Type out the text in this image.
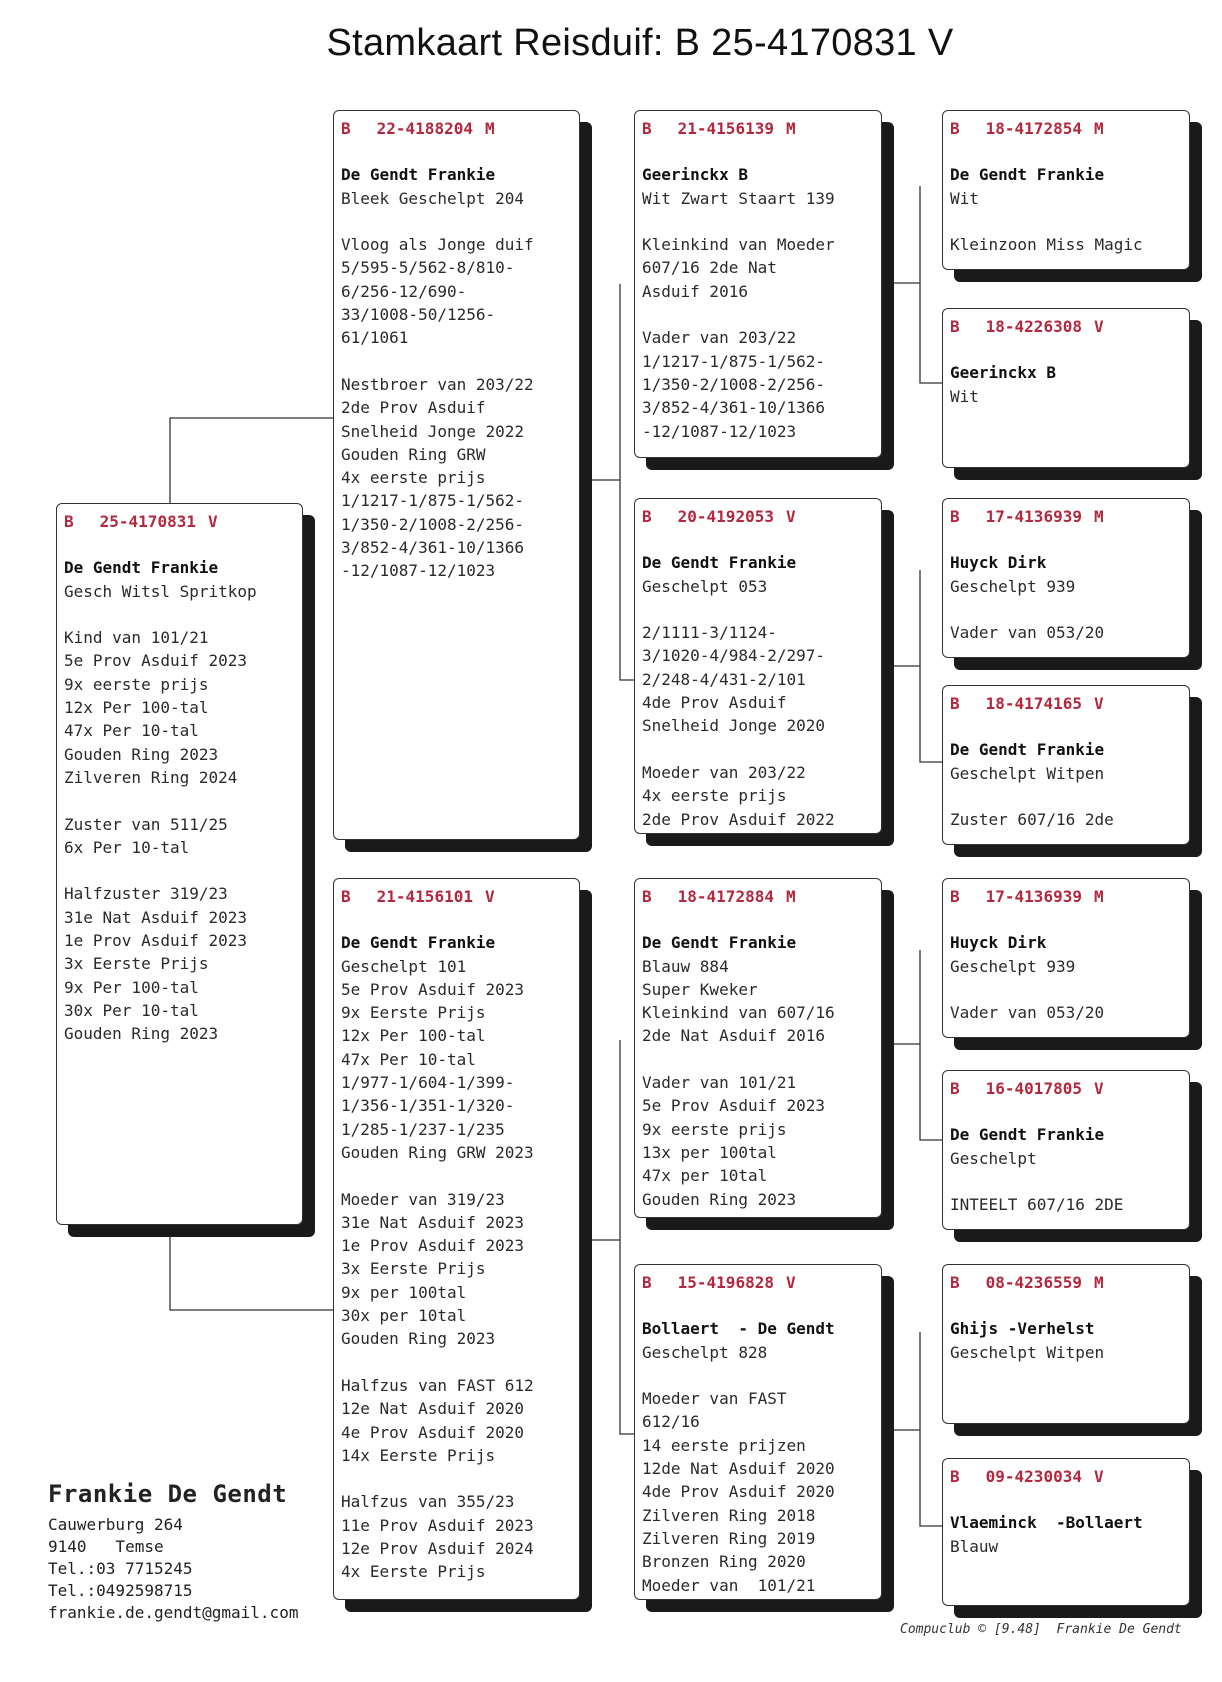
Stamkaart Reisduif: B 25-4170831 V
B 25-4170831 V
De Gendt Frankie
Gesch Witsl Spritkop
Kind van 101/21
5e Prov Asduif 2023
9x eerste prijs
12x Per 100-tal
47x Per 10-tal
Gouden Ring 2023
Zilveren Ring 2024
Zuster van 511/25
6x Per 10-tal
Halfzuster 319/23
31e Nat Asduif 2023
1e Prov Asduif 2023
3x Eerste Prijs
9x Per 100-tal
30x Per 10-tal
Gouden Ring 2023
B 22-4188204 M
De Gendt Frankie
Bleek Geschelpt 204
Vloog als Jonge duif
5/595-5/562-8/810-
6/256-12/690-
33/1008-50/1256-
61/1061
Nestbroer van 203/22
2de Prov Asduif
Snelheid Jonge 2022
Gouden Ring GRW
4x eerste prijs
1/1217-1/875-1/562-
1/350-2/1008-2/256-
3/852-4/361-10/1366
-12/1087-12/1023
B 21-4156101 V
De Gendt Frankie
Geschelpt 101
5e Prov Asduif 2023
9x Eerste Prijs
12x Per 100-tal
47x Per 10-tal
1/977-1/604-1/399-
1/356-1/351-1/320-
1/285-1/237-1/235
Gouden Ring GRW 2023
Moeder van 319/23
31e Nat Asduif 2023
1e Prov Asduif 2023
3x Eerste Prijs
9x per 100tal
30x per 10tal
Gouden Ring 2023
Halfzus van FAST 612
12e Nat Asduif 2020
4e Prov Asduif 2020
14x Eerste Prijs
Halfzus van 355/23
11e Prov Asduif 2023
12e Prov Asduif 2024
4x Eerste Prijs
B 21-4156139 M
Geerinckx B
Wit Zwart Staart 139
Kleinkind van Moeder
607/16 2de Nat
Asduif 2016
Vader van 203/22
1/1217-1/875-1/562-
1/350-2/1008-2/256-
3/852-4/361-10/1366
-12/1087-12/1023
B 20-4192053 V
De Gendt Frankie
Geschelpt 053
2/1111-3/1124-
3/1020-4/984-2/297-
2/248-4/431-2/101
4de Prov Asduif
Snelheid Jonge 2020
Moeder van 203/22
4x eerste prijs
2de Prov Asduif 2022
B 18-4172884 M
De Gendt Frankie
Blauw 884
Super Kweker
Kleinkind van 607/16
2de Nat Asduif 2016
Vader van 101/21
5e Prov Asduif 2023
9x eerste prijs
13x per 100tal
47x per 10tal
Gouden Ring 2023
B 15-4196828 V
Bollaert  - De Gendt
Geschelpt 828
Moeder van FAST
612/16
14 eerste prijzen
12de Nat Asduif 2020
4de Prov Asduif 2020
Zilveren Ring 2018
Zilveren Ring 2019
Bronzen Ring 2020
Moeder van  101/21
B 18-4172854 M
De Gendt Frankie
Wit
Kleinzoon Miss Magic
B 18-4226308 V
Geerinckx B
Wit
B 17-4136939 M
Huyck Dirk
Geschelpt 939
Vader van 053/20
B 18-4174165 V
De Gendt Frankie
Geschelpt Witpen
Zuster 607/16 2de
B 17-4136939 M
Huyck Dirk
Geschelpt 939
Vader van 053/20
B 16-4017805 V
De Gendt Frankie
Geschelpt
INTEELT 607/16 2DE
B 08-4236559 M
Ghijs -Verhelst
Geschelpt Witpen
B 09-4230034 V
Vlaeminck  -Bollaert
Blauw
Frankie De Gendt
Cauwerburg 264
9140   Temse
Tel.:03 7715245
Tel.:0492598715
frankie.de.gendt@gmail.com
Compuclub © [9.48]  Frankie De Gendt
